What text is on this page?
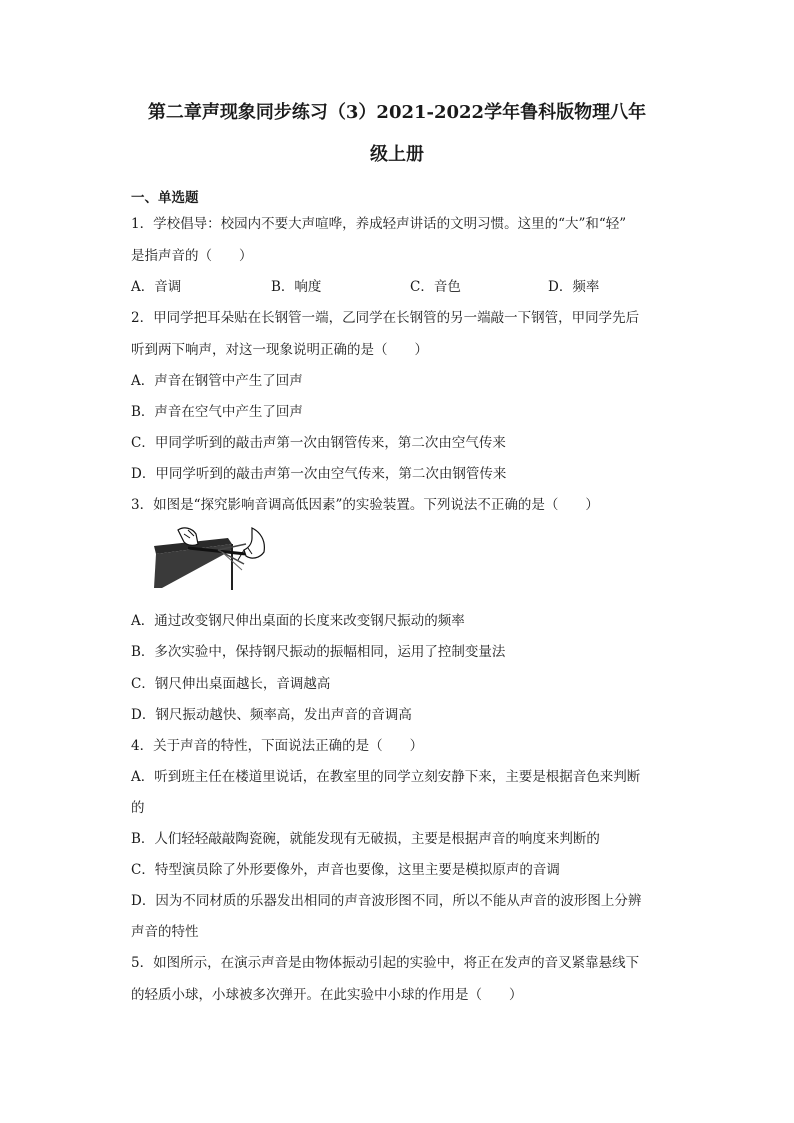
第二章声现象同步练习（3）2021-2022学年鲁科版物理八年
级上册
一、单选题
1．学校倡导：校园内不要大声喧哗，养成轻声讲话的文明习惯。这里的“大”和“轻”
是指声音的（　　）
A．音调	B．响度	C．音色	D．频率
2．甲同学把耳朵贴在长钢管一端，乙同学在长钢管的另一端敲一下钢管，甲同学先后
听到两下响声，对这一现象说明正确的是（　　）
A．声音在钢管中产生了回声
B．声音在空气中产生了回声
C．甲同学听到的敲击声第一次由钢管传来，第二次由空气传来
D．甲同学听到的敲击声第一次由空气传来，第二次由钢管传来
3．如图是“探究影响音调高低因素”的实验装置。下列说法不正确的是（　　）
A．通过改变钢尺伸出桌面的长度来改变钢尺振动的频率
B．多次实验中，保持钢尺振动的振幅相同，运用了控制变量法
C．钢尺伸出桌面越长，音调越高
D．钢尺振动越快、频率高，发出声音的音调高
4．关于声音的特性，下面说法正确的是（　　）
A．听到班主任在楼道里说话，在教室里的同学立刻安静下来，主要是根据音色来判断
的
B．人们轻轻敲敲陶瓷碗，就能发现有无破损，主要是根据声音的响度来判断的
C．特型演员除了外形要像外，声音也要像，这里主要是模拟原声的音调
D．因为不同材质的乐器发出相同的声音波形图不同，所以不能从声音的波形图上分辨
声音的特性
5．如图所示，在演示声音是由物体振动引起的实验中，将正在发声的音叉紧靠悬线下
的轻质小球，小球被多次弹开。在此实验中小球的作用是（　　）
